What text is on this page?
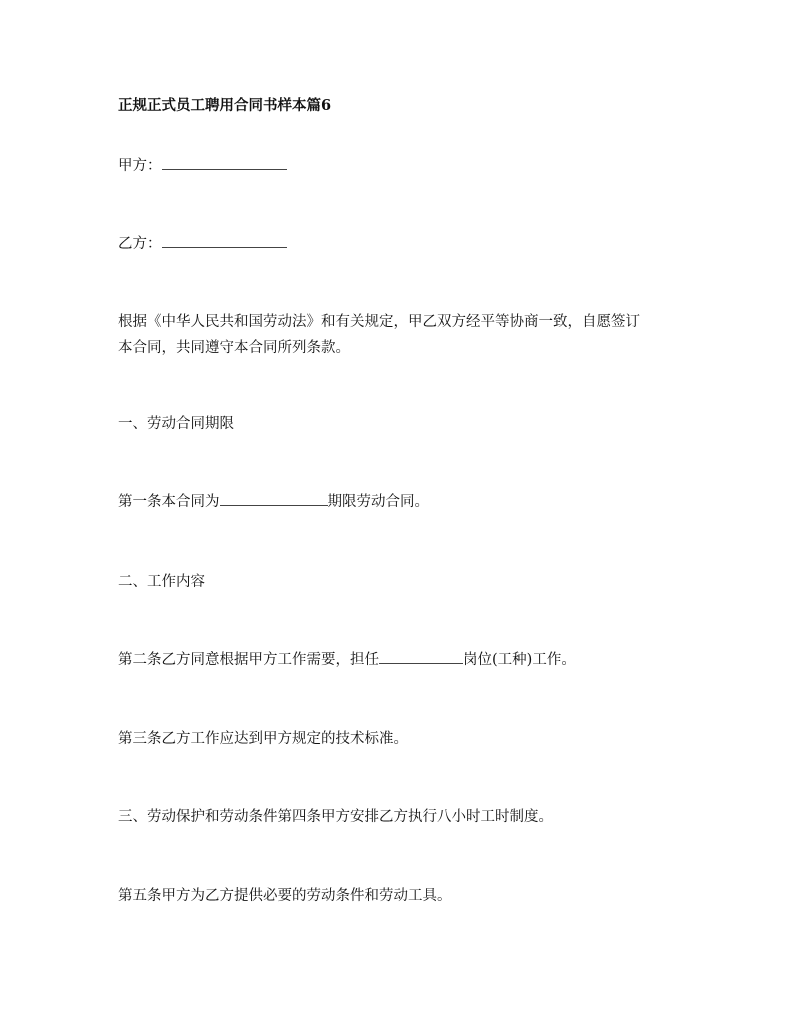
正规正式员工聘用合同书样本篇6
甲方：
乙方：
根据《中华人民共和国劳动法》和有关规定，甲乙双方经平等协商一致，自愿签订
本合同，共同遵守本合同所列条款。
一、劳动合同期限
第一条本合同为	期限劳动合同。
二、工作内容
第二条乙方同意根据甲方工作需要，担任	岗位(工种)工作。
第三条乙方工作应达到甲方规定的技术标准。
三、劳动保护和劳动条件第四条甲方安排乙方执行八小时工时制度。
第五条甲方为乙方提供必要的劳动条件和劳动工具。
